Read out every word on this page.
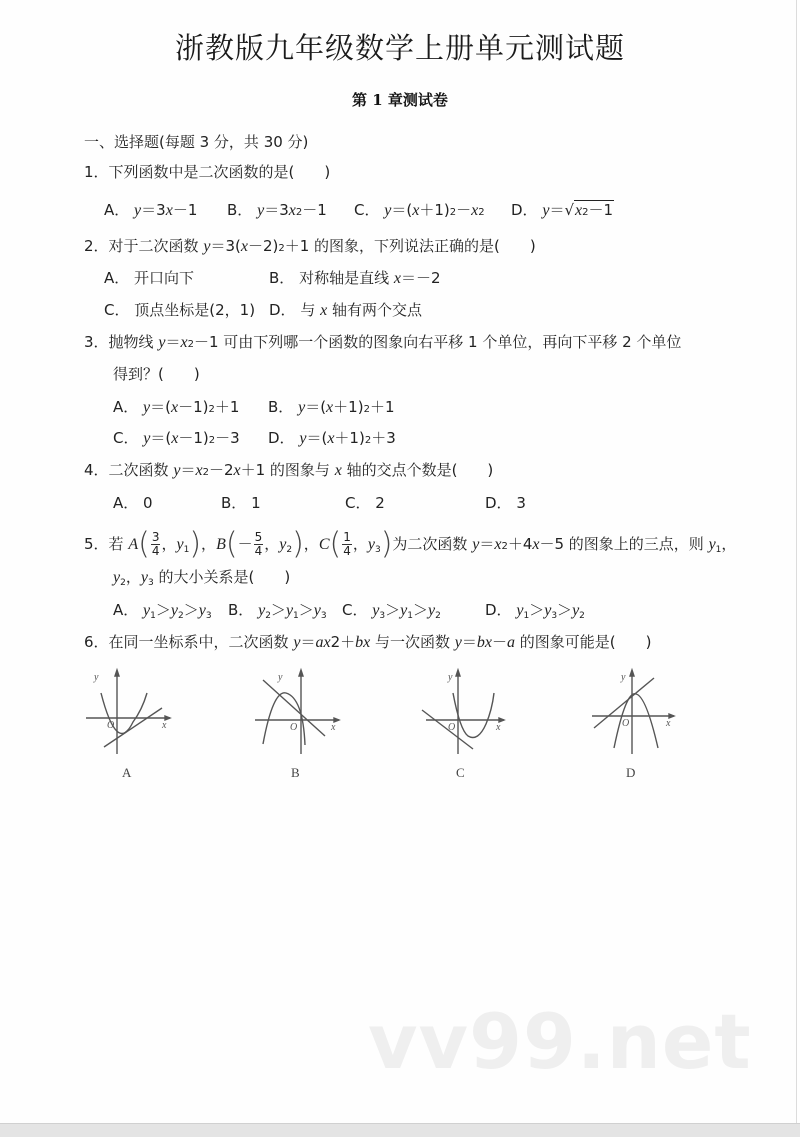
浙教版九年级数学上册单元测试题
第 1 章测试卷
一、选择题(每题 3 分，共 30 分)
1．下列函数中是二次函数的是(　　)
A． y＝3x－1 B． y＝3x2－1 C． y＝(x＋1)2－x2 D． y＝√x2－1
2．对于二次函数 y＝3(x－2)2＋1 的图象，下列说法正确的是(　　)
A． 开口向下	B． 对称轴是直线 x＝－2
C． 顶点坐标是(2，1) D． 与 x 轴有两个交点
3．抛物线 y＝x2－1 可由下列哪一个函数的图象向右平移 1 个单位，再向下平移 2 个单位
得到？(　　)
A． y＝(x－1)2＋1 B． y＝(x＋1)2＋1
C． y＝(x－1)2－3 D． y＝(x＋1)2＋3
4．二次函数 y＝x2－2x＋1 的图象与 x 轴的交点个数是(　　)
A． 0	B． 1	C． 2	D． 3
5．若 $A( \frac{3}{4}$ ，$y_1$)，$B(- \frac{5}{4}$ ，$y_2$)，$C( \frac{1}{4}$ ，$y_3$)为二次函数 y＝x2＋4x－5 的图象上的三点，则 $y_1$，
$y_2$，$y_3$ 的大小关系是(　　)
A． $y_1>y_2>y_3$ B． $y_2>y_1>y_3$ C． $y_3>y_1>y_2$	D． $y_1>y_3>y_2$
6．在同一坐标系中，二次函数 y＝ax2＋bx 与一次函数 y＝bx－a 的图象可能是(　　)
y
O	x
A
y
O	x
B
y
O	x
C
y
O	x
D
vv99.net
